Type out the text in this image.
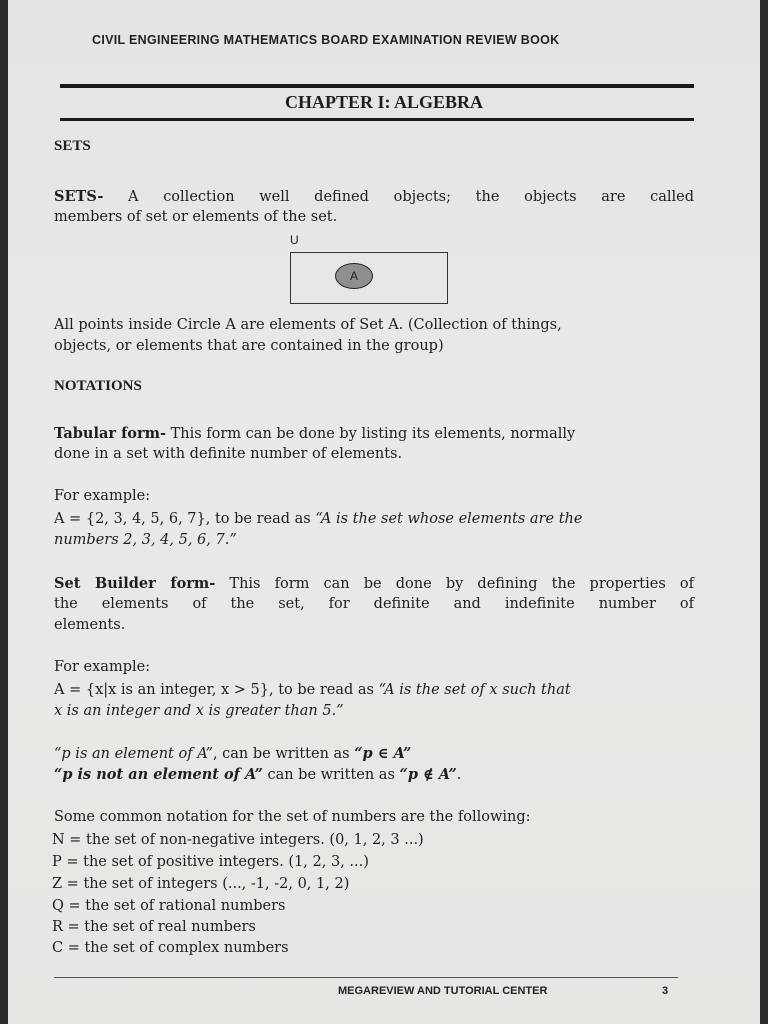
CIVIL ENGINEERING MATHEMATICS BOARD EXAMINATION REVIEW BOOK
CHAPTER I: ALGEBRA
SETS
SETS- A collection well defined objects; the objects are called
members of set or elements of the set.
U
A
All points inside Circle A are elements of Set A. (Collection of things,
objects, or elements that are contained in the group)
NOTATIONS
Tabular form- This form can be done by listing its elements, normally
done in a set with definite number of elements.
For example:
A = {2, 3, 4, 5, 6, 7}, to be read as “A is the set whose elements are the
numbers 2, 3, 4, 5, 6, 7.”
Set Builder form- This form can be done by defining the properties of
the elements of the set, for definite and indefinite number of
elements.
For example:
A = {x|x is an integer, x > 5}, to be read as “A is the set of x such that
x is an integer and x is greater than 5.”
“p is an element of A”, can be written as “p ∈ A”
“p is not an element of A” can be written as “p ∉ A”.
Some common notation for the set of numbers are the following:
N = the set of non-negative integers. (0, 1, 2, 3 ...)
P = the set of positive integers. (1, 2, 3, ...)
Z = the set of integers (..., -1, -2, 0, 1, 2)
Q = the set of rational numbers
R = the set of real numbers
C = the set of complex numbers
MEGAREVIEW AND TUTORIAL CENTER	3
